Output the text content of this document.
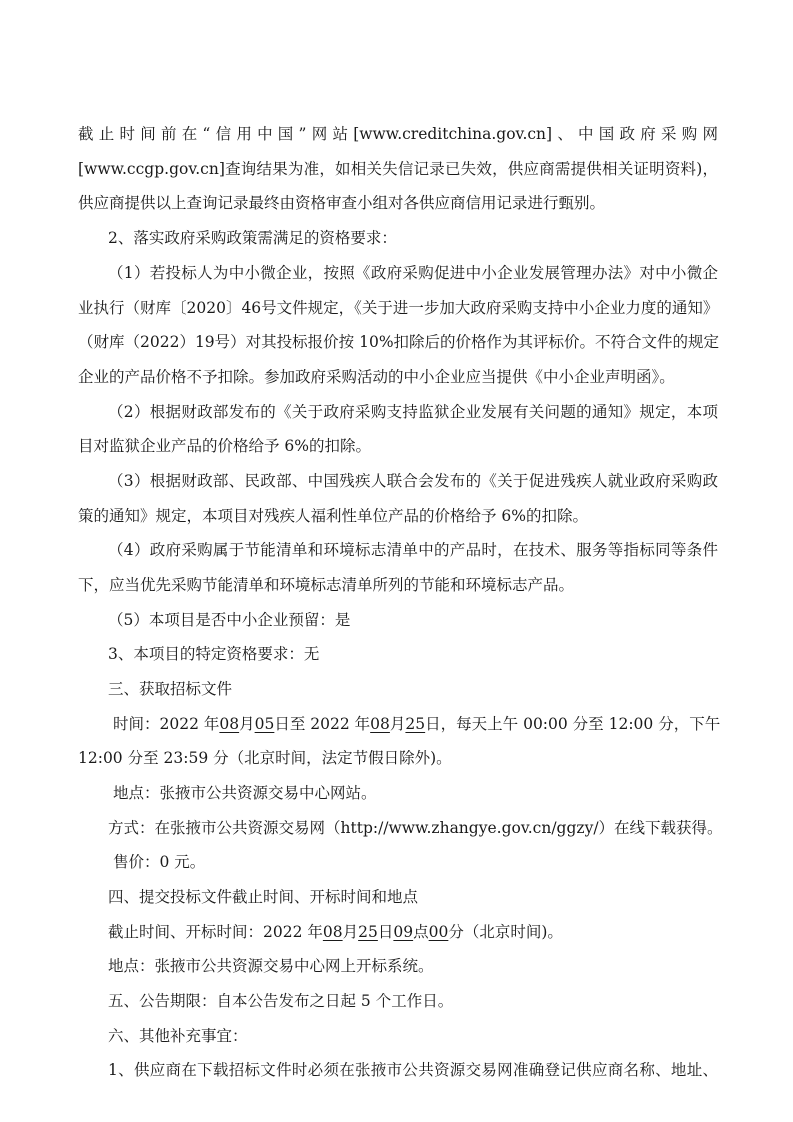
截止时间前在“信用中国”网站[www.creditchina.gov.cn]、中国政府采购网
[www.ccgp.gov.cn]查询结果为准，如相关失信记录已失效，供应商需提供相关证明资料)，
供应商提供以上查询记录最终由资格审查小组对各供应商信用记录进行甄别。
2、落实政府采购政策需满足的资格要求：
（1）若投标人为中小微企业，按照《政府采购促进中小企业发展管理办法》对中小微企
业执行（财库〔2020〕46号文件规定，《关于进一步加大政府采购支持中小企业力度的通知》
（财库（2022）19号）对其投标报价按 10%扣除后的价格作为其评标价。不符合文件的规定
企业的产品价格不予扣除。参加政府采购活动的中小企业应当提供《中小企业声明函》。
（2）根据财政部发布的《关于政府采购支持监狱企业发展有关问题的通知》规定，本项
目对监狱企业产品的价格给予 6%的扣除。
（3）根据财政部、民政部、中国残疾人联合会发布的《关于促进残疾人就业政府采购政
策的通知》规定，本项目对残疾人福利性单位产品的价格给予 6%的扣除。
（4）政府采购属于节能清单和环境标志清单中的产品时，在技术、服务等指标同等条件
下，应当优先采购节能清单和环境标志清单所列的节能和环境标志产品。
（5）本项目是否中小企业预留：是
3、本项目的特定资格要求：无
三、获取招标文件
时间：2022 年08月05日至 2022 年08月25日，每天上午 00:00 分至 12:00 分，下午
12:00 分至 23:59 分（北京时间，法定节假日除外)。
地点：张掖市公共资源交易中心网站。
方式：在张掖市公共资源交易网（http://www.zhangye.gov.cn/ggzy/）在线下载获得。
售价：0 元。
四、提交投标文件截止时间、开标时间和地点
截止时间、开标时间：2022 年08月25日09点00分（北京时间)。
地点：张掖市公共资源交易中心网上开标系统。
五、公告期限：自本公告发布之日起 5 个工作日。
六、其他补充事宜：
1、供应商在下载招标文件时必须在张掖市公共资源交易网准确登记供应商名称、地址、
